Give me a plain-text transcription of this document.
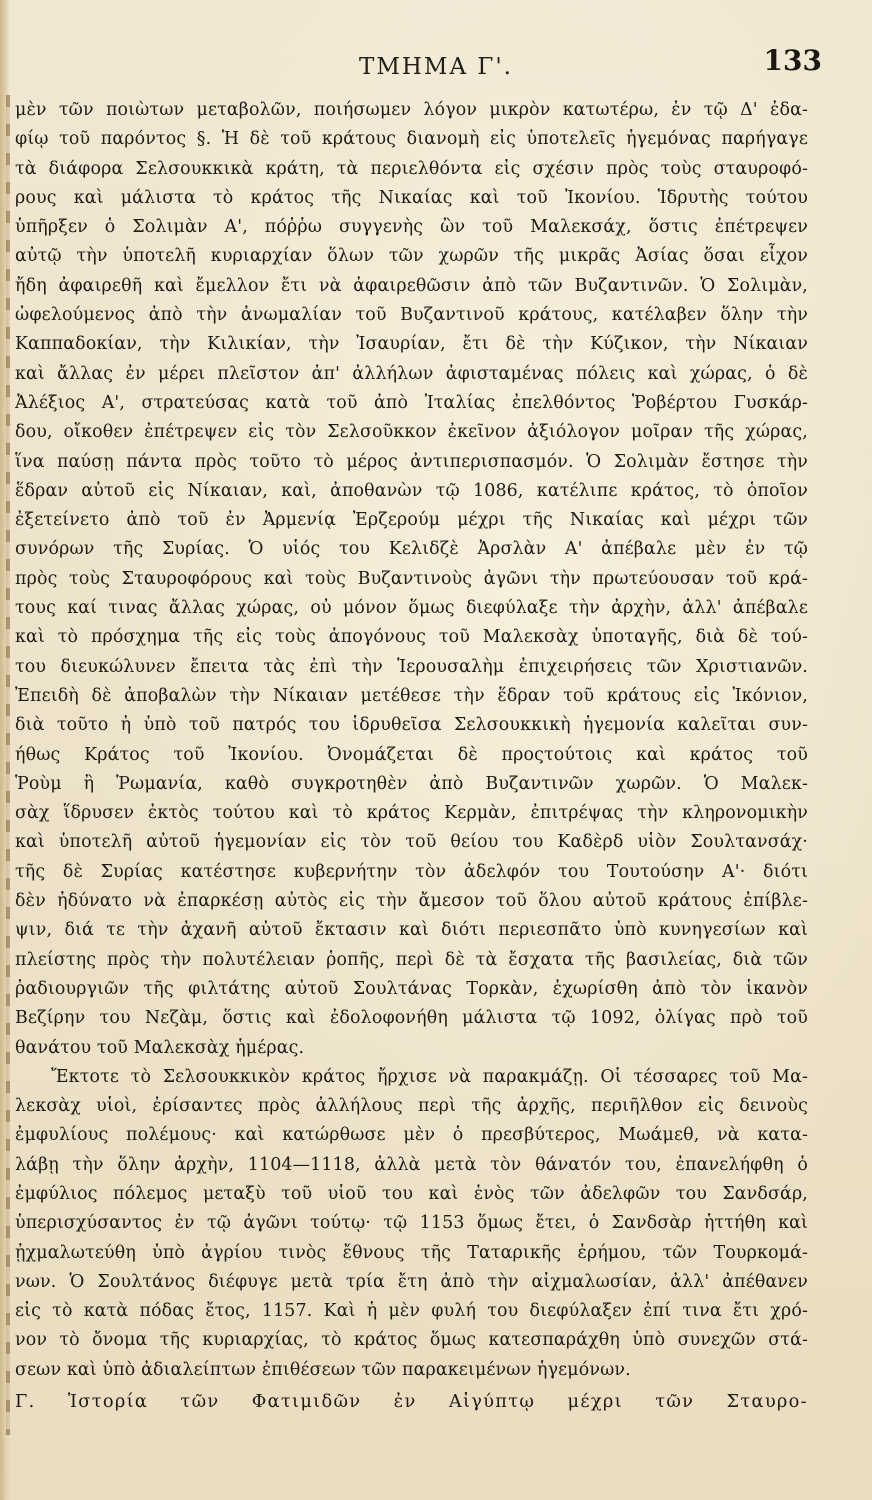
ΤΜΗΜΑ Γ'.	133
μὲν τῶν ποιὼτων μεταβολῶν, ποιήσωμεν λόγον μικρὸν κατωτέρω, ἐν τῷ Δ' ἐδα-
φίῳ τοῦ παρόντος §. Ἡ δὲ τοῦ κράτους διανομὴ εἰς ὑποτελεῖς ἡγεμόνας παρήγαγε
τὰ διάφορα Σελσουκκικὰ κράτη, τὰ περιελθόντα εἰς σχέσιν πρὸς τοὺς σταυροφό-
ρους καὶ μάλιστα τὸ κράτος τῆς Νικαίας καὶ τοῦ Ἰκονίου. Ἱδρυτὴς τούτου
ὑπῆρξεν ὁ Σολιμὰν Α', πόῤῥω συγγενὴς ὢν τοῦ Μαλεκσάχ, ὅστις ἐπέτρεψεν
αὐτῷ τὴν ὑποτελῆ κυριαρχίαν ὅλων τῶν χωρῶν τῆς μικρᾶς Ἀσίας ὅσαι εἶχον
ἤδη ἀφαιρεθῆ καὶ ἔμελλον ἔτι νὰ ἀφαιρεθῶσιν ἀπὸ τῶν Βυζαντινῶν. Ὁ Σολιμὰν,
ὠφελούμενος ἀπὸ τὴν ἀνωμαλίαν τοῦ Βυζαντινοῦ κράτους, κατέλαβεν ὅλην τὴν
Καππαδοκίαν, τὴν Κιλικίαν, τὴν Ἰσαυρίαν, ἔτι δὲ τὴν Κύζικον, τὴν Νίκαιαν
καὶ ἄλλας ἐν μέρει πλεῖστον ἀπ' ἀλλήλων ἀφισταμένας πόλεις καὶ χώρας, ὁ δὲ
Ἀλέξιος Α', στρατεύσας κατὰ τοῦ ἀπὸ Ἰταλίας ἐπελθόντος Ῥοβέρτου Γυσκάρ-
δου, οἴκοθεν ἐπέτρεψεν εἰς τὸν Σελσοῦκκον ἐκεῖνον ἀξιόλογον μοῖραν τῆς χώρας,
ἵνα παύσῃ πάντα πρὸς τοῦτο τὸ μέρος ἀντιπερισπασμόν. Ὁ Σολιμὰν ἔστησε τὴν
ἕδραν αὐτοῦ εἰς Νίκαιαν, καὶ, ἀποθανὼν τῷ 1086, κατέλιπε κράτος, τὸ ὁποῖον
ἐξετείνετο ἀπὸ τοῦ ἐν Ἀρμενίᾳ Ἐρζερούμ μέχρι τῆς Νικαίας καὶ μέχρι τῶν
συνόρων τῆς Συρίας. Ὁ υἱός του Κελιδζὲ Ἀρσλὰν Α' ἀπέβαλε μὲν ἐν τῷ
πρὸς τοὺς Σταυροφόρους καὶ τοὺς Βυζαντινοὺς ἀγῶνι τὴν πρωτεύουσαν τοῦ κρά-
τους καί τινας ἄλλας χώρας, οὐ μόνον ὅμως διεφύλαξε τὴν ἀρχὴν, ἀλλ' ἀπέβαλε
καὶ τὸ πρόσχημα τῆς εἰς τοὺς ἀπογόνους τοῦ Μαλεκσὰχ ὑποταγῆς, διὰ δὲ τού-
του διευκώλυνεν ἔπειτα τὰς ἐπὶ τὴν Ἱερουσαλὴμ ἐπιχειρήσεις τῶν Χριστιανῶν.
Ἐπειδὴ δὲ ἀποβαλὼν τὴν Νίκαιαν μετέθεσε τὴν ἕδραν τοῦ κράτους εἰς Ἰκόνιον,
διὰ τοῦτο ἡ ὑπὸ τοῦ πατρός του ἱδρυθεῖσα Σελσουκκικὴ ἡγεμονία καλεῖται συν-
ήθως Κράτος τοῦ Ἰκονίου. Ὀνομάζεται δὲ προςτούτοις καὶ κράτος τοῦ
Ῥοὺμ ἢ Ῥωμανία, καθὸ συγκροτηθὲν ἀπὸ Βυζαντινῶν χωρῶν. Ὁ Μαλεκ-
σὰχ ἵδρυσεν ἐκτὸς τούτου καὶ τὸ κράτος Κερμὰν, ἐπιτρέψας τὴν κληρονομικὴν
καὶ ὑποτελῆ αὐτοῦ ἡγεμονίαν εἰς τὸν τοῦ θείου του Καδὲρδ υἱὸν Σουλτανσάχ·
τῆς δὲ Συρίας κατέστησε κυβερνήτην τὸν ἀδελφόν του Τουτούσην Α'· διότι
δὲν ἠδύνατο νὰ ἐπαρκέσῃ αὐτὸς εἰς τὴν ἄμεσον τοῦ ὅλου αὐτοῦ κράτους ἐπίβλε-
ψιν, διά τε τὴν ἀχανῆ αὐτοῦ ἔκτασιν καὶ διότι περιεσπᾶτο ὑπὸ κυνηγεσίων καὶ
πλείστης πρὸς τὴν πολυτέλειαν ῥοπῆς, περὶ δὲ τὰ ἔσχατα τῆς βασιλείας, διὰ τῶν
ῥαδιουργιῶν τῆς φιλτάτης αὐτοῦ Σουλτάνας Τορκὰν, ἐχωρίσθη ἀπὸ τὸν ἱκανὸν
Βεζίρην του Νεζὰμ, ὅστις καὶ ἐδολοφονήθη μάλιστα τῷ 1092, ὀλίγας πρὸ τοῦ
θανάτου τοῦ Μαλεκσὰχ ἡμέρας.
Ἔκτοτε τὸ Σελσουκκικὸν κράτος ἤρχισε νὰ παρακμάζῃ. Οἱ τέσσαρες τοῦ Μα-
λεκσὰχ υἱοὶ, ἐρίσαντες πρὸς ἀλλήλους περὶ τῆς ἀρχῆς, περιῆλθον εἰς δεινοὺς
ἐμφυλίους πολέμους· καὶ κατώρθωσε μὲν ὁ πρεσβύτερος, Μωάμεθ, νὰ κατα-
λάβῃ τὴν ὅλην ἀρχὴν, 1104—1118, ἀλλὰ μετὰ τὸν θάνατόν του, ἐπανελήφθη ὁ
ἐμφύλιος πόλεμος μεταξὺ τοῦ υἱοῦ του καὶ ἑνὸς τῶν ἀδελφῶν του Σανδσάρ,
ὑπερισχύσαντος ἐν τῷ ἀγῶνι τούτῳ· τῷ 1153 ὅμως ἔτει, ὁ Σανδσὰρ ἡττήθη καὶ
ᾐχμαλωτεύθη ὑπὸ ἀγρίου τινὸς ἔθνους τῆς Ταταρικῆς ἐρήμου, τῶν Τουρκομά-
νων. Ὁ Σουλτάνος διέφυγε μετὰ τρία ἔτη ἀπὸ τὴν αἰχμαλωσίαν, ἀλλ' ἀπέθανεν
εἰς τὸ κατὰ πόδας ἔτος, 1157. Καὶ ἡ μὲν φυλή του διεφύλαξεν ἐπί τινα ἔτι χρό-
νον τὸ ὄνομα τῆς κυριαρχίας, τὸ κράτος ὅμως κατεσπαράχθη ὑπὸ συνεχῶν στά-
σεων καὶ ὑπὸ ἀδιαλείπτων ἐπιθέσεων τῶν παρακειμένων ἡγεμόνων.
Γ. Ἱστορία τῶν Φατιμιδῶν ἐν Αἰγύπτῳ μέχρι τῶν Σταυρο-
